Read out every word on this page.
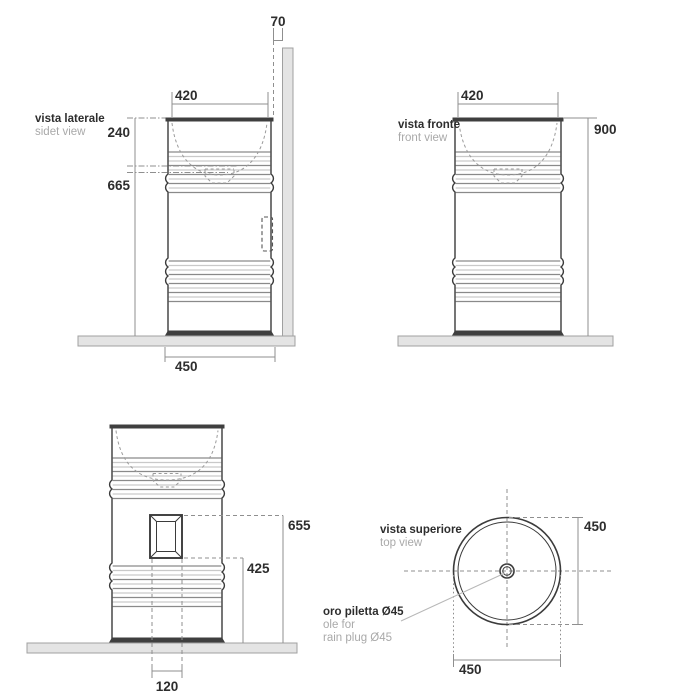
70
420
240
665
450
vista laterale
sidet view
420
900
vista fronte
front view
655
425
120
450
450
oro piletta Ø45
ole for
rain plug Ø45
vista superiore
top view
